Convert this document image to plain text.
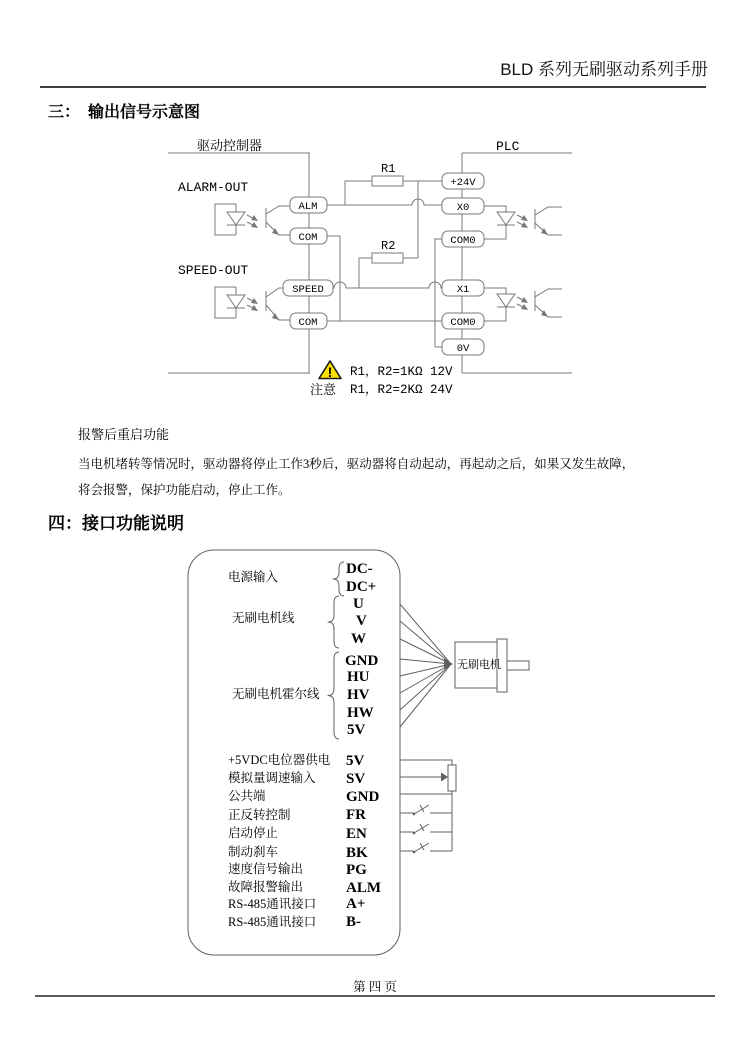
BLD 系列无刷驱动系列手册
三：　输出信号示意图
R1
R2
ALM
COM
SPEED
COM
+24V
X0
COM0
X1
COM0
0V
驱动控制器	PLC
ALARM-OUT
SPEED-OUT
!
注意
R1，R2=1KΩ 12V
R1，R2=2KΩ 24V

报警后重启功能

当电机堵转等情况时，驱动器将停止工作3秒后，驱动器将自动起动，再起动之后，如果又发生故障，

将会报警，保护功能启动，停止工作。

四：接口功能说明
无刷电机
电源输入	DC-
DC+
无刷电机线
U
V
W
无刷电机霍尔线
GND
HU
HV
HW
5V
+5VDC电位器供电 5V
模拟量调速输入 SV
公共端	GND
正反转控制	FR
启动停止	EN
制动刹车	BK
速度信号输出	PG
故障报警输出	ALM
RS-485通讯接口 A+
RS-485通讯接口 B-
第 四 页
